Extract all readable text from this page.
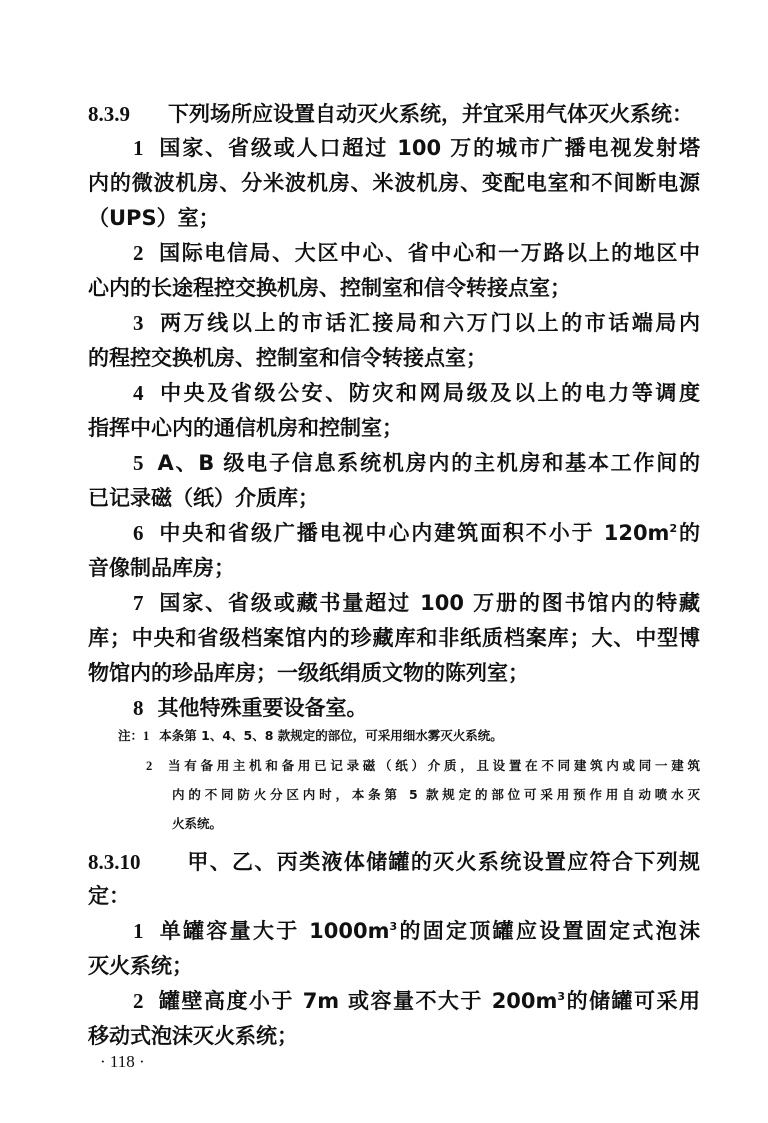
8.3.9 下列场所应设置自动灭火系统，并宜采用气体灭火系统：
1 国家、省级或人口超过 100 万的城市广播电视发射塔
内的微波机房、分米波机房、米波机房、变配电室和不间断电源
（UPS）室；
2 国际电信局、大区中心、省中心和一万路以上的地区中
心内的长途程控交换机房、控制室和信令转接点室；
3 两万线以上的市话汇接局和六万门以上的市话端局内
的程控交换机房、控制室和信令转接点室；
4 中央及省级公安、防灾和网局级及以上的电力等调度
指挥中心内的通信机房和控制室；
5 A、B 级电子信息系统机房内的主机房和基本工作间的
已记录磁（纸）介质库；
6 中央和省级广播电视中心内建筑面积不小于 $120m^2$的
音像制品库房；
7 国家、省级或藏书量超过 100 万册的图书馆内的特藏
库；中央和省级档案馆内的珍藏库和非纸质档案库；大、中型博
物馆内的珍品库房；一级纸绢质文物的陈列室；
8 其他特殊重要设备室。
注：1 本条第 1、4、5、8 款规定的部位，可采用细水雾灭火系统。
2 当有备用主机和备用已记录磁（纸）介质，且设置在不同建筑内或同一建筑
内的不同防火分区内时，本条第 5 款规定的部位可采用预作用自动喷水灭
火系统。
8.3.10 甲、乙、丙类液体储罐的灭火系统设置应符合下列规
定：
1 单罐容量大于 $1000m^3$的固定顶罐应设置固定式泡沫
灭火系统；
2 罐壁高度小于 7m 或容量不大于 $200m^3$的储罐可采用
移动式泡沫灭火系统；
· 118 ·
